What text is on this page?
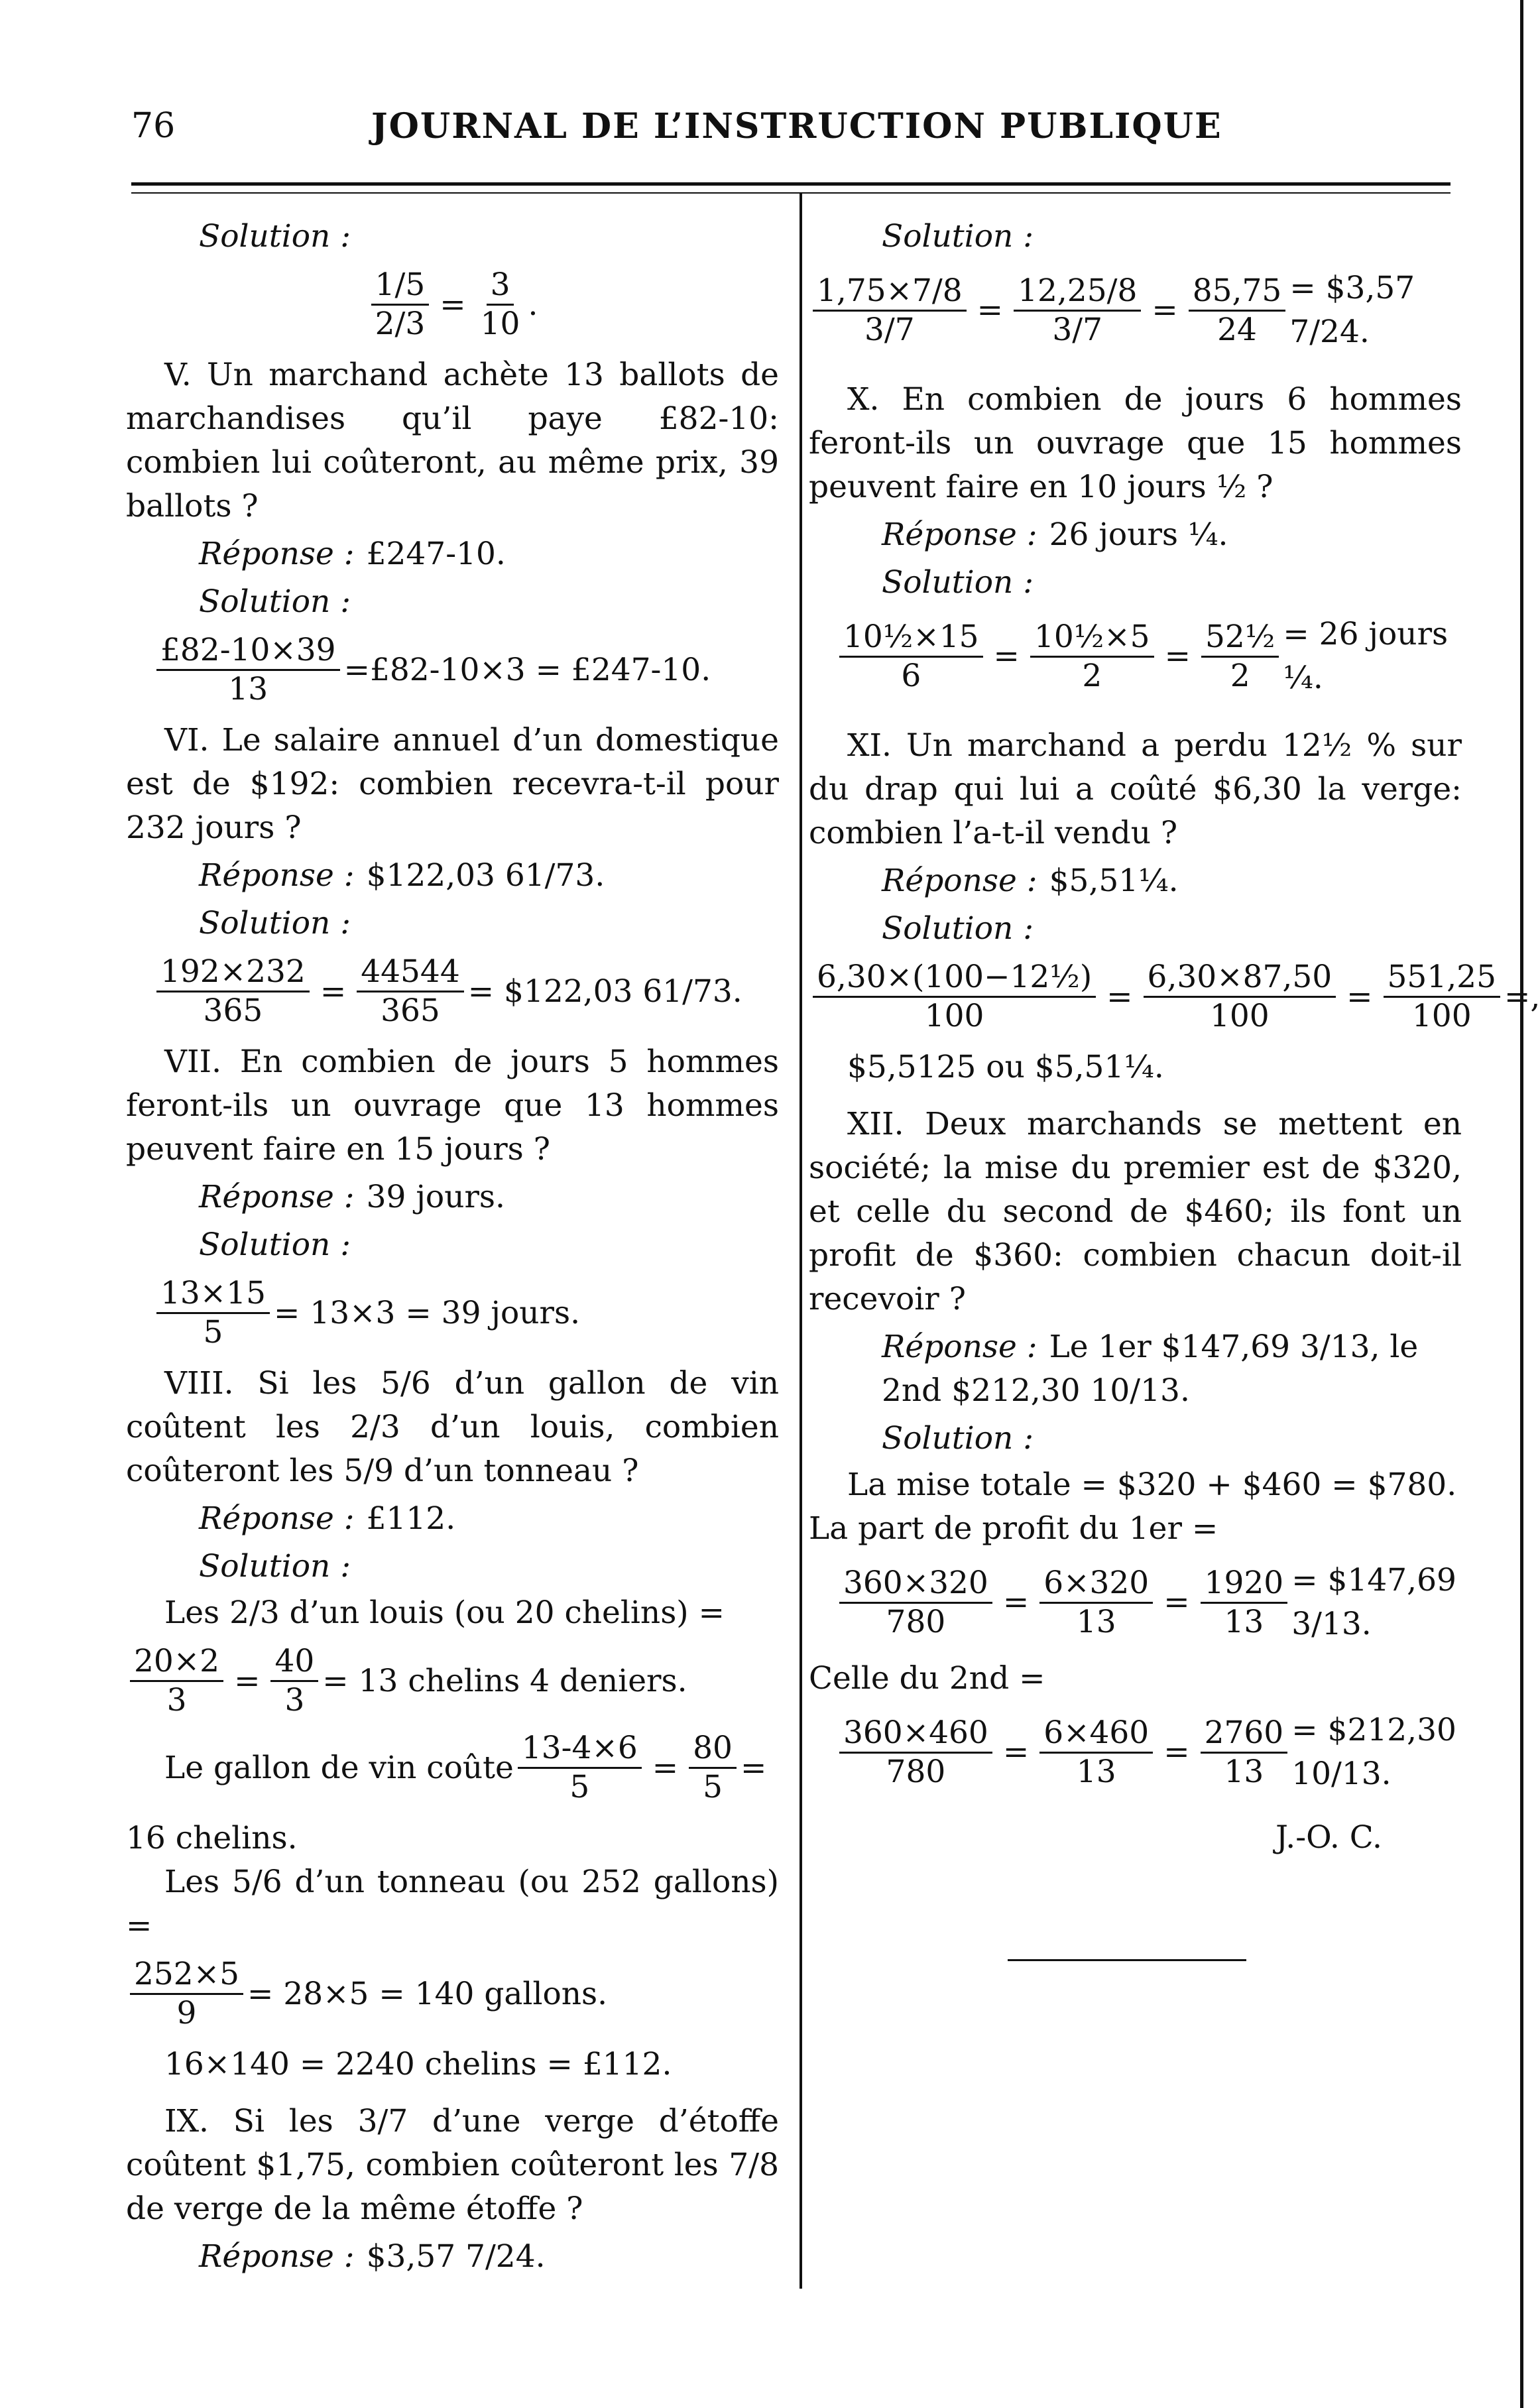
76	JOURNAL DE L’INSTRUCTION PUBLIQUE
Solution :
$\frac{1/5}{2/3} = \frac{3}{10}$ .

V. Un marchand achète 13 ballots de marchandises qu’il paye £82-10: combien lui coûteront, au même prix, 39 ballots ?

Réponse : £247-10.
Solution :
$\frac{£82-10\times 39}{13}$ =£82-10×3 = £247-10.

VI. Le salaire annuel d’un domestique est de $192: combien recevra-t-il pour 232 jours ?

Réponse : $122,03 61/73.
Solution :
$\frac{192\times 232}{365} = \frac{44544}{365}$ = $122,03 61/73.

VII. En combien de jours 5 hommes feront-ils un ouvrage que 13 hommes peuvent faire en 15 jours ?

Réponse : 39 jours.
Solution :
$\frac{13\times 15}{5} = 13\times 3 = 39$ jours.

VIII. Si les 5/6 d’un gallon de vin coûtent les 2/3 d’un louis, combien coûteront les 5/9 d’un tonneau ?

Réponse : £112.
Solution :

Les 2/3 d’un louis (ou 20 chelins) =

$\frac{20\times 2}{3} = \frac{40}{3} = 13$ chelins 4 deniers.
Le gallon de vin coûte $\frac{13-4\times 6}{5} = \frac{80}{5}$ =

16 chelins.

Les 5/6 d’un tonneau (ou 252 gallons) =

$\frac{252\times 5}{9} = 28\times 5 = 140$ gallons.

16×140 = 2240 chelins = £112.

IX. Si les 3/7 d’une verge d’étoffe coûtent $1,75, combien coûteront les 7/8 de verge de la même étoffe ?

Réponse : $3,57 7/24.
Solution :
$\frac{1,75\times 7/8}{3/7} = \frac{12,25/8}{3/7} = \frac{85,75}{24}$ = $3,57 7/24.

X. En combien de jours 6 hommes feront-ils un ouvrage que 15 hommes peuvent faire en 10 jours ½ ?

Réponse : 26 jours ¼.
Solution :
$\frac{\text{10½×15}}{6} = \frac{\text{10½×5}}{2} = \frac{\text{52½}}{2} = 26$ jours ¼.

XI. Un marchand a perdu 12½ % sur du drap qui lui a coûté $6,30 la verge: combien l’a-t-il vendu ?

Réponse : $5,51¼.
Solution :
$\frac{\text{6,30×(100−12½)}}{100} = \frac{6,30\times 87,50}{100} = \frac{551,25}{100}$ =,

$5,5125 ou $5,51¼.

XII. Deux marchands se mettent en société; la mise du premier est de $320, et celle du second de $460; ils font un profit de $360: combien chacun doit-il recevoir ?

Réponse : Le 1er $147,69 3/13, le 2nd $212,30 10/13.
Solution :

La mise totale = $320 + $460 = $780.

La part de profit du 1er =

$\frac{360\times 320}{780} = \frac{6\times 320}{13} = \frac{1920}{13}$ = $147,69 3/13.

Celle du 2nd =

$\frac{360\times 460}{780} = \frac{6\times 460}{13} = \frac{2760}{13}$ = $212,30 10/13.
J.-O. C.
